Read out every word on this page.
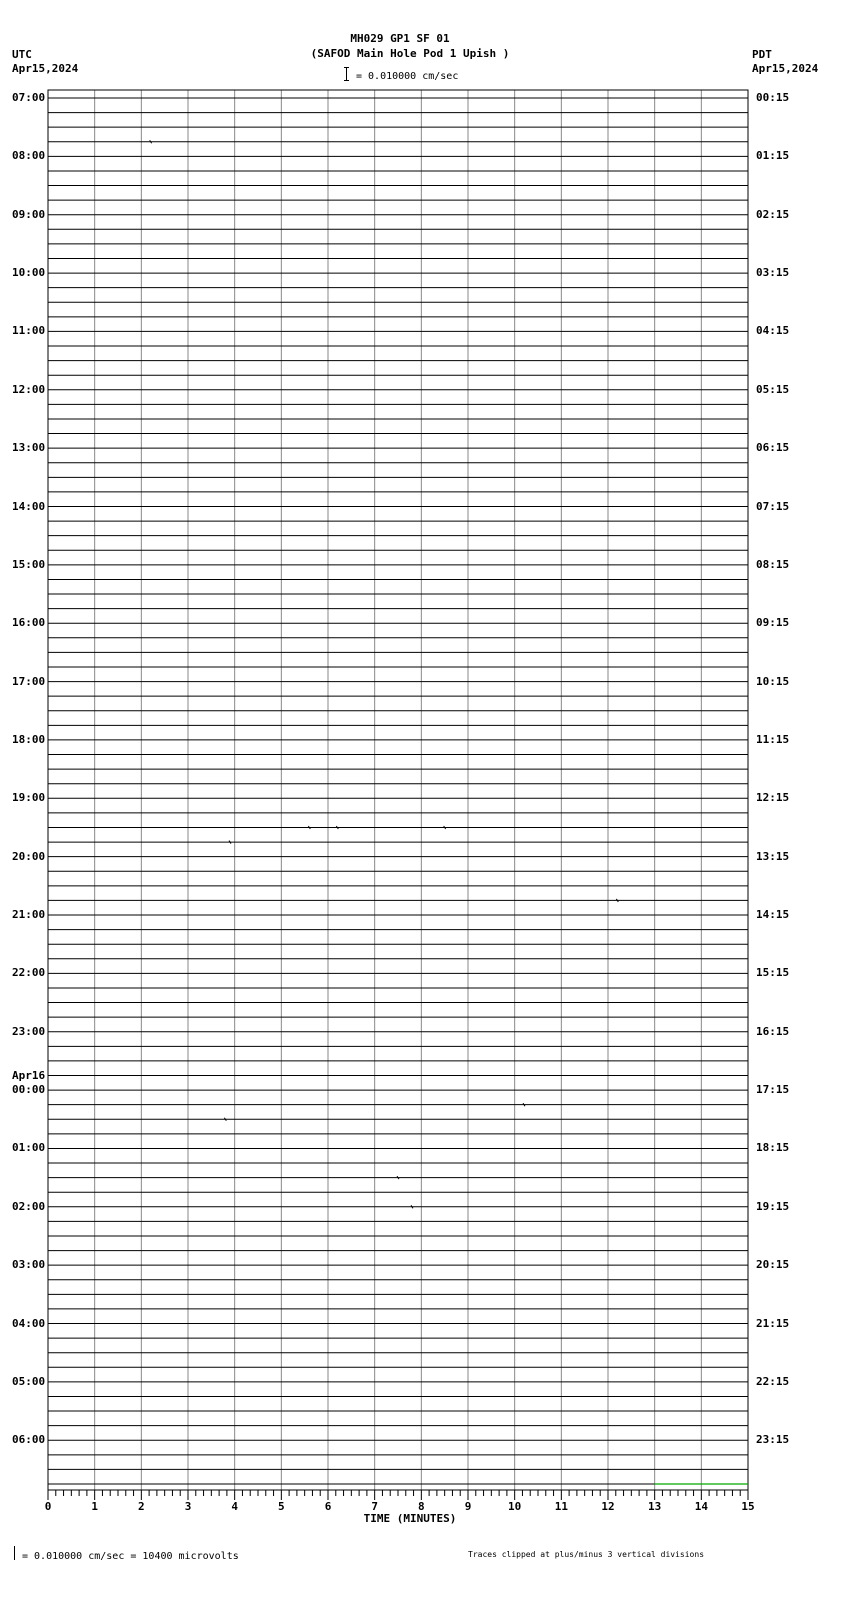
MH029 GP1 SF 01
(SAFOD Main Hole Pod 1 Upish )
= 0.010000 cm/sec
UTC
Apr15,2024
PDT
Apr15,2024
07:00
08:00
09:00
10:00
11:00
12:00
13:00
14:00
15:00
16:00
17:00
18:00
19:00
20:00
21:00
22:00
23:00
00:00
Apr16
01:00
02:00
03:00
04:00
05:00
06:00
00:15
01:15
02:15
03:15
04:15
05:15
06:15
07:15
08:15
09:15
10:15
11:15
12:15
13:15
14:15
15:15
16:15
17:15
18:15
19:15
20:15
21:15
22:15
23:15
0	1	2	3	4	5	6	7	8	9	10	11	12	13	14	15
TIME (MINUTES)
= 0.010000 cm/sec = 10400 microvolts	Traces clipped at plus/minus 3 vertical divisions
